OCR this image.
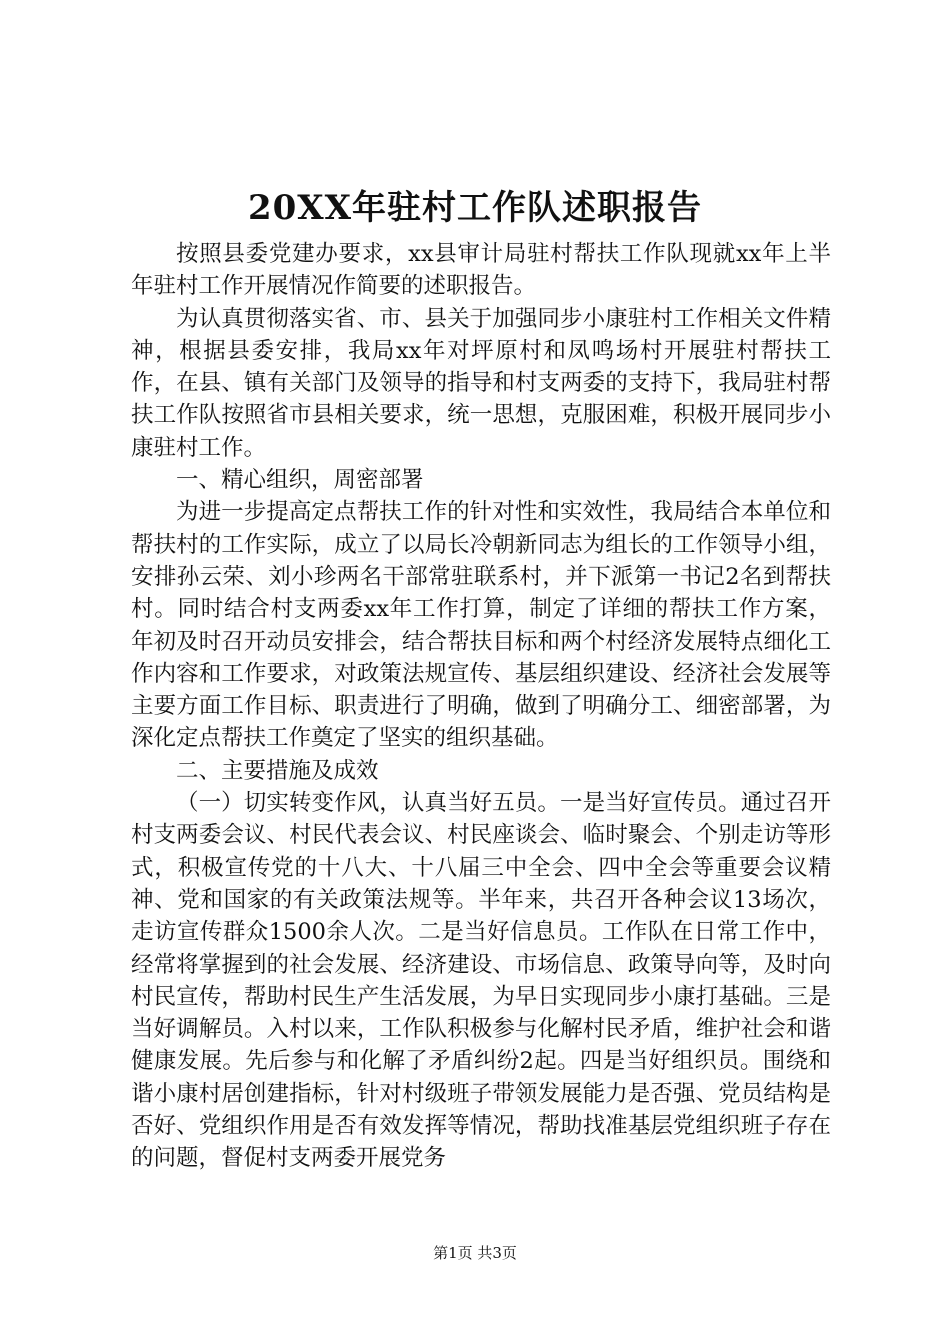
20XX年驻村工作队述职报告

按照县委党建办要求，xx县审计局驻村帮扶工作队现就xx年上半年驻村工作开展情况作简要的述职报告。

为认真贯彻落实省、市、县关于加强同步小康驻村工作相关文件精神，根据县委安排，我局xx年对坪原村和凤鸣场村开展驻村帮扶工作，在县、镇有关部门及领导的指导和村支两委的支持下，我局驻村帮扶工作队按照省市县相关要求，统一思想，克服困难，积极开展同步小康驻村工作。

一、精心组织，周密部署

为进一步提高定点帮扶工作的针对性和实效性，我局结合本单位和帮扶村的工作实际，成立了以局长冷朝新同志为组长的工作领导小组，安排孙云荣、刘小珍两名干部常驻联系村，并下派第一书记2名到帮扶村。同时结合村支两委xx年工作打算，制定了详细的帮扶工作方案，年初及时召开动员安排会，结合帮扶目标和两个村经济发展特点细化工作内容和工作要求，对政策法规宣传、基层组织建设、经济社会发展等主要方面工作目标、职责进行了明确，做到了明确分工、细密部署，为深化定点帮扶工作奠定了坚实的组织基础。

二、主要措施及成效

（一）切实转变作风，认真当好五员。一是当好宣传员。通过召开村支两委会议、村民代表会议、村民座谈会、临时聚会、个别走访等形式，积极宣传党的十八大、十八届三中全会、四中全会等重要会议精神、党和国家的有关政策法规等。半年来，共召开各种会议13场次，走访宣传群众1500余人次。二是当好信息员。工作队在日常工作中，经常将掌握到的社会发展、经济建设、市场信息、政策导向等，及时向村民宣传，帮助村民生产生活发展，为早日实现同步小康打基础。三是当好调解员。入村以来，工作队积极参与化解村民矛盾，维护社会和谐健康发展。先后参与和化解了矛盾纠纷2起。四是当好组织员。围绕和谐小康村居创建指标，针对村级班子带领发展能力是否强、党员结构是否好、党组织作用是否有效发挥等情况，帮助找准基层党组织班子存在的问题，督促村支两委开展党务

第1页 共3页
